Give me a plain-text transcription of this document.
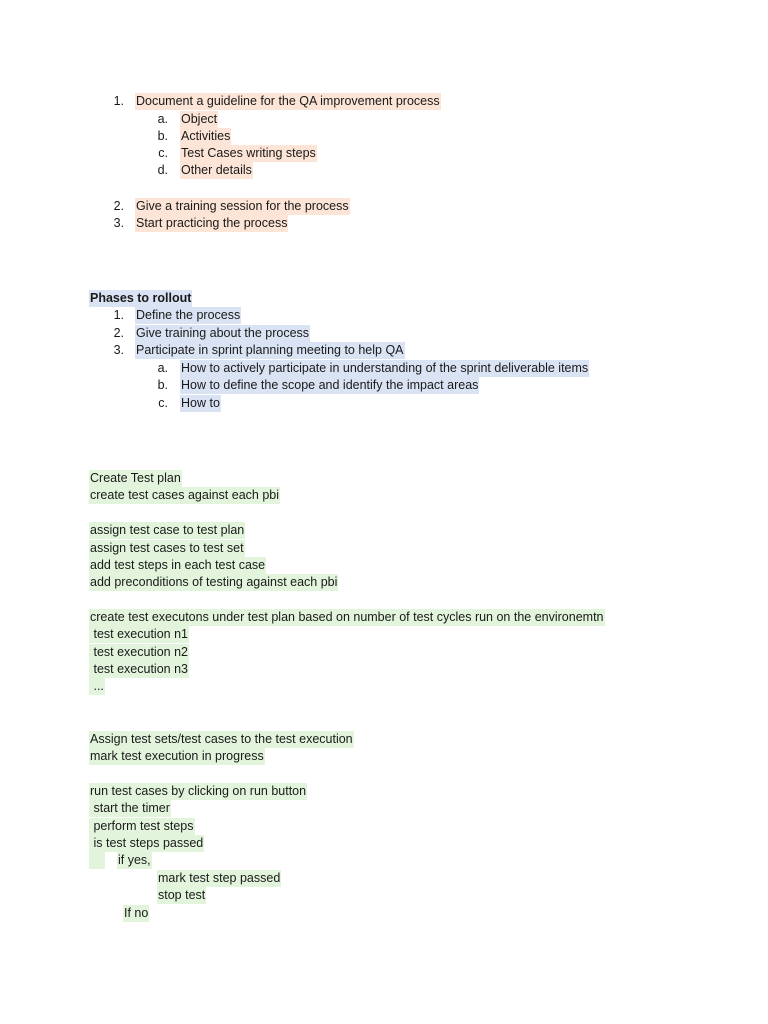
1. Document a guideline for the QA improvement process
a. Object
b. Activities
c. Test Cases writing steps
d. Other details
2. Give a training session for the process
3. Start practicing the process
Phases to rollout
1. Define the process
2. Give training about the process
3. Participate in sprint planning meeting to help QA
a. How to actively participate in understanding of the sprint deliverable items
b. How to define the scope and identify the impact areas
c. How to
Create Test plan
create test cases against each pbi
assign test case to test plan
assign test cases to test set
add test steps in each test case
add preconditions of testing against each pbi
create test executons under test plan based on number of test cycles run on the environemtn
test execution n1
test execution n2
test execution n3
...
Assign test sets/test cases to the test execution
mark test execution in progress
run test cases by clicking on run button
start the timer
perform test steps
is test steps passed
if yes,
mark test step passed
stop test
If no
